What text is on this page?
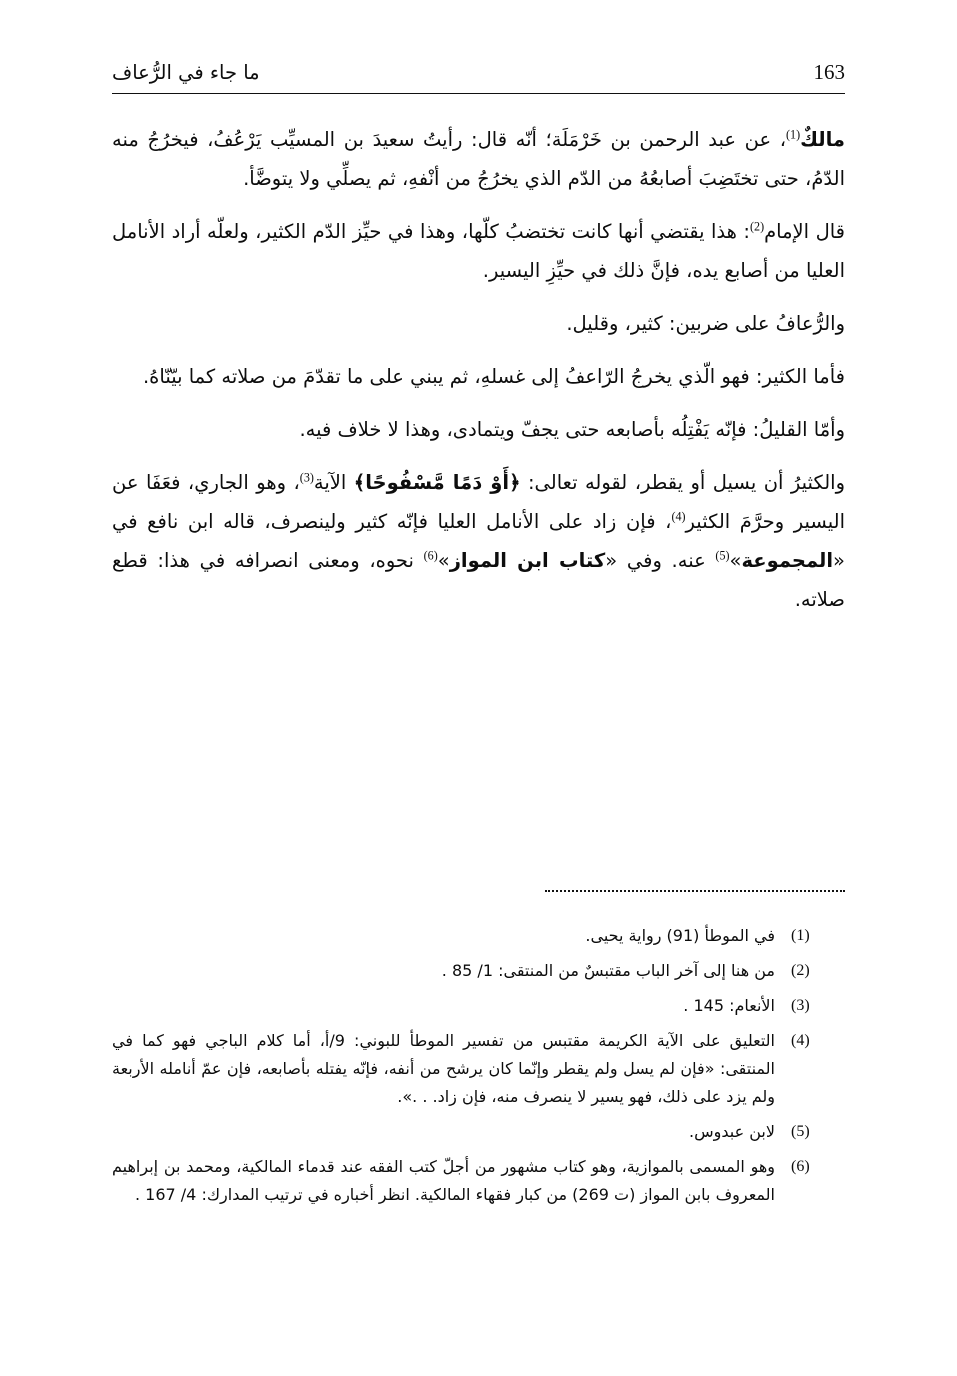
ما جاء في الرُّعاف	163

مالكٌ$^{(1)}$، عن عبد الرحمن بن خَرْمَلَة؛ أنّه قال: رأيتُ سعيدَ بن المسيِّب يَرْعُفُ، فيخرُجُ منه الدّمُ، حتى تختَضِبَ أصابعُهُ من الدّم الذي يخرُجُ من أنْفهِ، ثم يصلِّي ولا يتوضَّأ.

قال الإمام$^{(2)}$: هذا يقتضي أنها كانت تختضبُ كلّها، وهذا في حيِّز الدّم الكثير، ولعلّه أراد الأنامل العليا من أصابع يده، فإنَّ ذلك في حيِّزِ اليسير.

والرُّعافُ على ضربين: كثير، وقليل.

فأما الكثير: فهو الّذي يخرجُ الرّاعفُ إلى غسلهِ، ثم يبني على ما تقدّمَ من صلاته كما بيّنّاهُ.

وأمّا القليلُ: فإنّه يَفْتِلُه بأصابعه حتى يجفّ ويتمادى، وهذا لا خلاف فيه.

والكثيرُ أن يسيل أو يقطر، لقوله تعالى: ﴿أَوْ دَمًا مَّسْفُوحًا﴾ الآية$^{(3)}$، وهو الجاري، فعَفَا عن اليسير وحرَّمَ الكثير$^{(4)}$، فإن زاد على الأنامل العليا فإنّه كثير ولينصرف، قاله ابن نافع في «المجموعة»$^{(5)}$ عنه. وفي «كتاب ابن المواز»$^{(6)}$ نحوه، ومعنى انصرافه في هذا: قطع صلاته.

(1)
في الموطأ (91) رواية يحيى.
(2)
من هنا إلى آخر الباب مقتبسٌ من المنتقى: 1/ 85 .
(3)
الأنعام: 145 .
(4)
التعليق على الآية الكريمة مقتبس من تفسير الموطأ للبوني: 9/أ، أما كلام الباجي فهو كما في المنتقى: «فإن لم يسل ولم يقطر وإنّما كان يرشح من أنفه، فإنّه يفتله بأصابعه، فإن عمّ أنامله الأربعة ولم يزد على ذلك، فهو يسير لا ينصرف منه، فإن زاد. . .».
(5)
لابن عبدوس.
(6)
وهو المسمى بالموازية، وهو كتاب مشهور من أجلّ كتب الفقه عند قدماء المالكية، ومحمد بن إبراهيم المعروف بابن المواز (ت 269) من كبار فقهاء المالكية. انظر أخباره في ترتيب المدارك: 4/ 167 .
